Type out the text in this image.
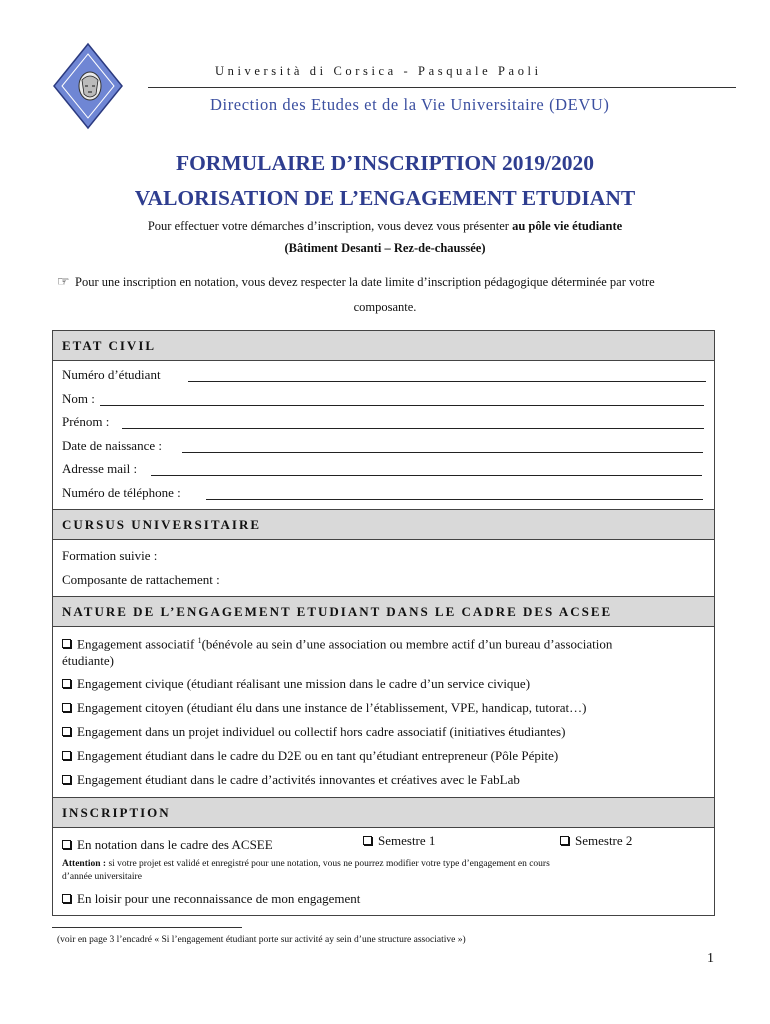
Università di Corsica - Pasquale Paoli
Direction des Etudes et de la Vie Universitaire (DEVU)
FORMULAIRE D’INSCRIPTION 2019/2020
VALORISATION DE L’ENGAGEMENT ETUDIANT
Pour effectuer votre démarches d’inscription, vous devez vous présenter au pôle vie étudiante
(Bâtiment Desanti – Rez-de-chaussée)
☞ Pour une inscription en notation, vous devez respecter la date limite d’inscription pédagogique déterminée par votre
composante.
ETAT CIVIL
Numéro d’étudiant
Nom :
Prénom :
Date de naissance :
Adresse mail :
Numéro de téléphone :
CURSUS UNIVERSITAIRE
Formation suivie :
Composante de rattachement :
NATURE DE L’ENGAGEMENT ETUDIANT DANS LE CADRE DES ACSEE
Engagement associatif $^1$(bénévole au sein d’une association ou membre actif d’un bureau d’association
étudiante)
Engagement civique (étudiant réalisant une mission dans le cadre d’un service civique)
Engagement citoyen (étudiant élu dans une instance de l’établissement, VPE, handicap, tutorat…)
Engagement dans un projet individuel ou collectif hors cadre associatif (initiatives étudiantes)
Engagement étudiant dans le cadre du D2E ou en tant qu’étudiant entrepreneur (Pôle Pépite)
Engagement étudiant dans le cadre d’activités innovantes et créatives avec le FabLab
INSCRIPTION
En notation dans le cadre des ACSEE	Semestre 1	Semestre 2
Attention : si votre projet est validé et enregistré pour une notation, vous ne pourrez modifier votre type d’engagement en cours
d’année universitaire
En loisir pour une reconnaissance de mon engagement
(voir en page 3 l’encadré « Si l’engagement étudiant porte sur activité ay sein d’une structure associative »)
1
